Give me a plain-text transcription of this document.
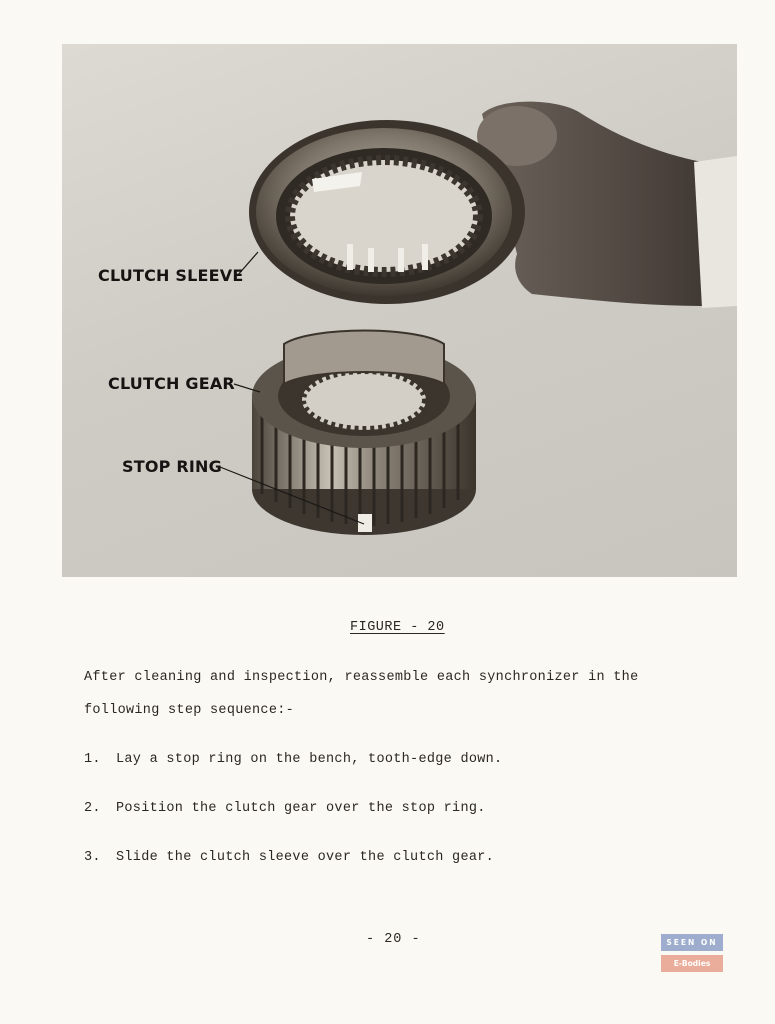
CLUTCH SLEEVE
CLUTCH GEAR
STOP RING
FIGURE - 20
After cleaning and inspection, reassemble each synchronizer in the
following step sequence:-
1. Lay a stop ring on the bench, tooth-edge down.
2. Position the clutch gear over the stop ring.
3. Slide the clutch sleeve over the clutch gear.
- 20 -	SEEN ON
E-Bodies
